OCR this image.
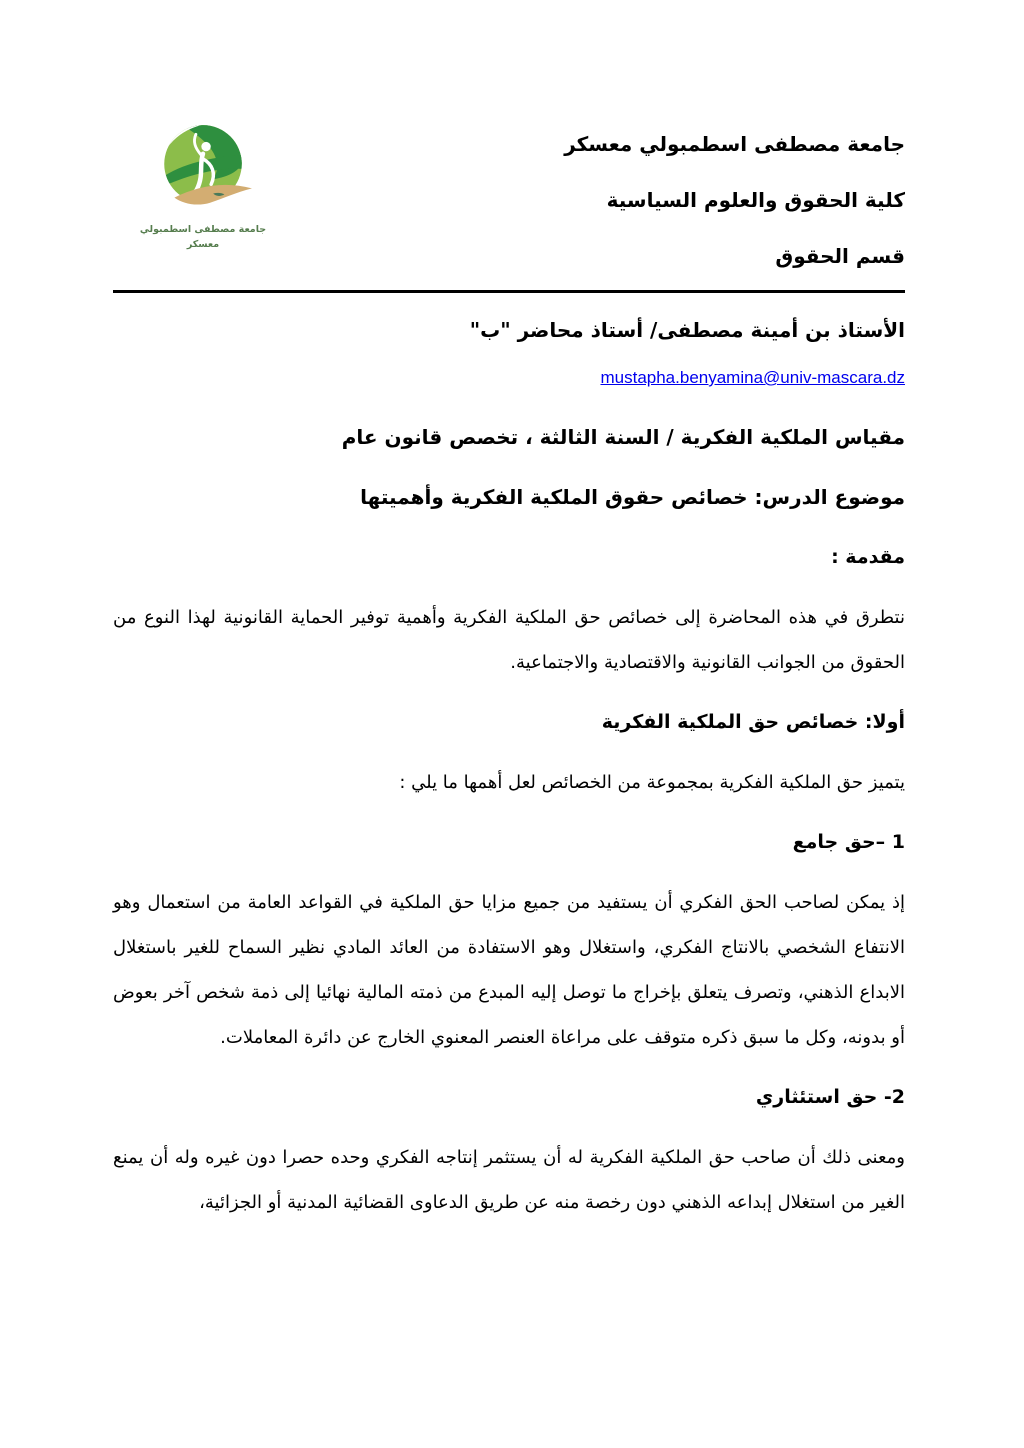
جامعة مصطفى اسطمبولي
معسكر

جامعة مصطفى اسطمبولي معسكر

كلية الحقوق والعلوم السياسية

قسم الحقوق

الأستاذ بن أمينة مصطفى/ أستاذ محاضر "ب"

mustapha.benyamina@univ-mascara.dz

مقياس الملكية الفكرية / السنة الثالثة ، تخصص قانون عام

موضوع الدرس: خصائص حقوق الملكية الفكرية وأهميتها

مقدمة :

نتطرق في هذه المحاضرة إلى خصائص حق الملكية الفكرية وأهمية توفير الحماية القانونية لهذا النوع من الحقوق من الجوانب القانونية والاقتصادية والاجتماعية.

أولا: خصائص حق الملكية الفكرية

يتميز حق الملكية الفكرية بمجموعة من الخصائص لعل أهمها ما يلي :

1 –حق جامع

إذ يمكن لصاحب الحق الفكري أن يستفيد من جميع مزايا حق الملكية في القواعد العامة من استعمال وهو الانتفاع الشخصي بالانتاج الفكري، واستغلال وهو الاستفادة من العائد المادي نظير السماح للغير باستغلال الابداع الذهني، وتصرف يتعلق بإخراج ما توصل إليه المبدع من ذمته المالية نهائيا إلى ذمة شخص آخر بعوض أو بدونه، وكل ما سبق ذكره متوقف على مراعاة العنصر المعنوي الخارج عن دائرة المعاملات.

2- حق استئثاري

ومعنى ذلك أن صاحب حق الملكية الفكرية له أن يستثمر إنتاجه الفكري وحده حصرا دون غيره وله أن يمنع الغير من استغلال إبداعه الذهني دون رخصة منه عن طريق الدعاوى القضائية المدنية أو الجزائية،
